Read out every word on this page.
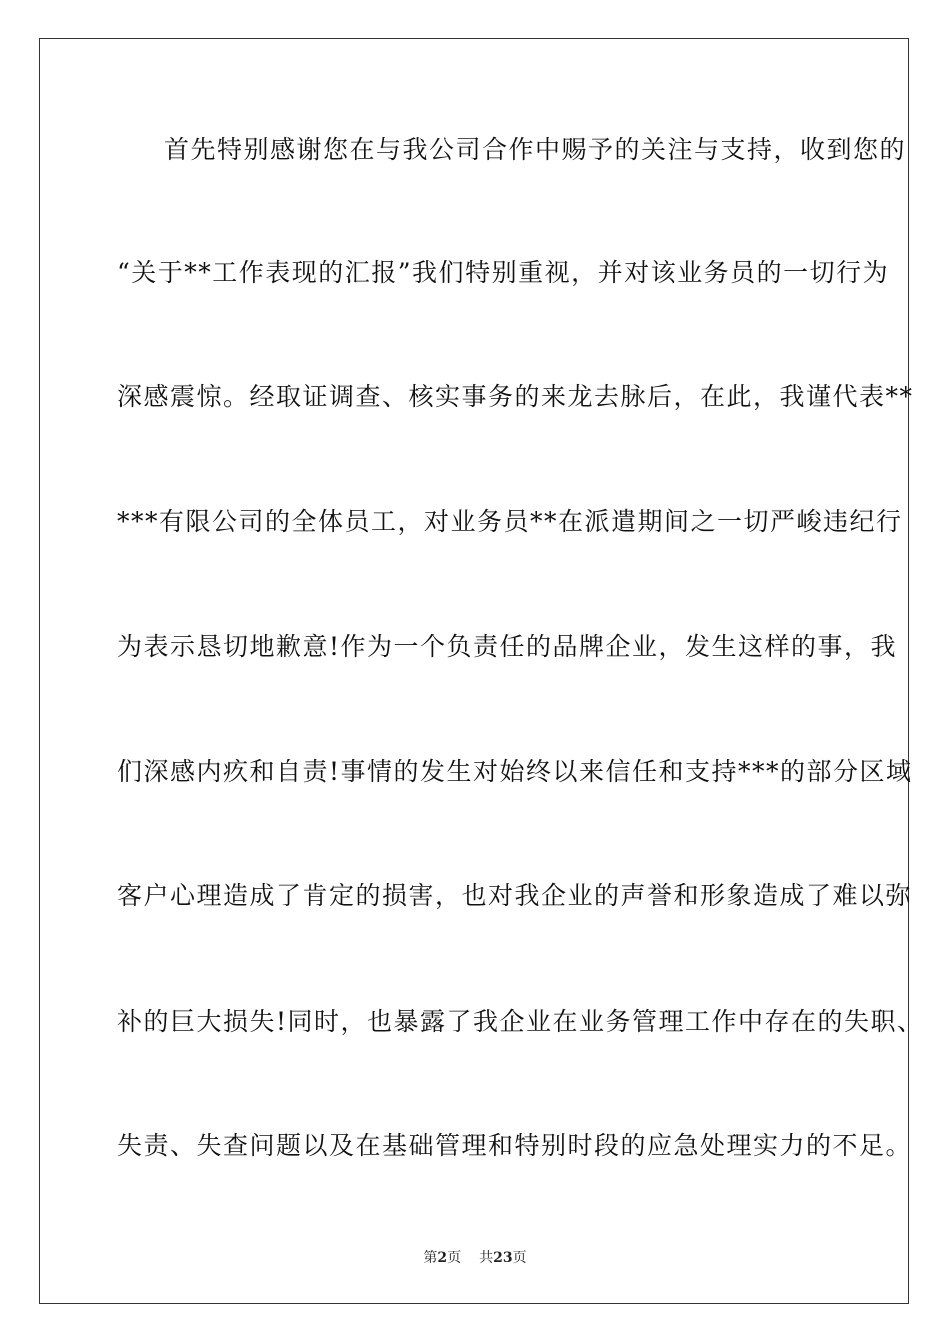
首先特别感谢您在与我公司合作中赐予的关注与支持，收到您的
“关于**工作表现的汇报”我们特别重视，并对该业务员的一切行为
深感震惊。经取证调查、核实事务的来龙去脉后，在此，我谨代表**
***有限公司的全体员工，对业务员**在派遣期间之一切严峻违纪行
为表示恳切地歉意!作为一个负责任的品牌企业，发生这样的事，我
们深感内疚和自责!事情的发生对始终以来信任和支持***的部分区域
客户心理造成了肯定的损害，也对我企业的声誉和形象造成了难以弥
补的巨大损失!同时，也暴露了我企业在业务管理工作中存在的失职、
失责、失查问题以及在基础管理和特别时段的应急处理实力的不足。
第2页 共23页
